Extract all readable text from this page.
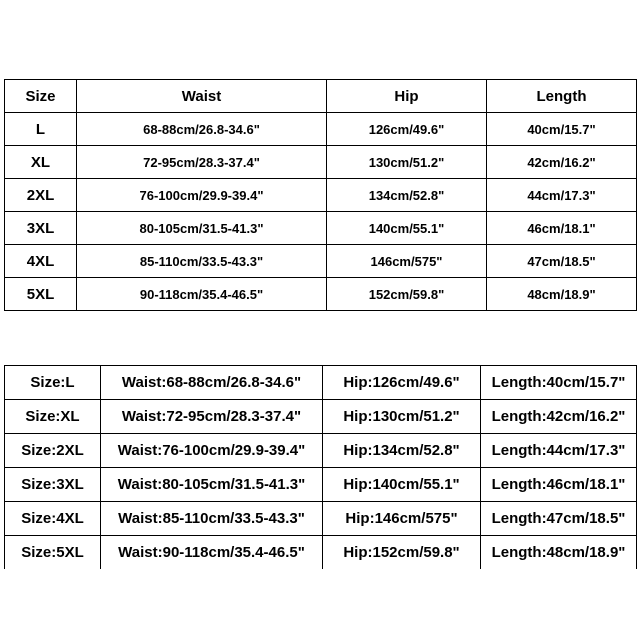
Size	Waist	Hip	Length
L	68-88cm/26.8-34.6"	126cm/49.6"	40cm/15.7"
XL	72-95cm/28.3-37.4"	130cm/51.2"	42cm/16.2"
2XL	76-100cm/29.9-39.4"	134cm/52.8"	44cm/17.3"
3XL	80-105cm/31.5-41.3"	140cm/55.1"	46cm/18.1"
4XL	85-110cm/33.5-43.3"	146cm/575"	47cm/18.5"
5XL	90-118cm/35.4-46.5"	152cm/59.8"	48cm/18.9"
Size:L	Waist:68-88cm/26.8-34.6"	Hip:126cm/49.6"	Length:40cm/15.7"
Size:XL	Waist:72-95cm/28.3-37.4"	Hip:130cm/51.2"	Length:42cm/16.2"
Size:2XL	Waist:76-100cm/29.9-39.4"	Hip:134cm/52.8"	Length:44cm/17.3"
Size:3XL	Waist:80-105cm/31.5-41.3"	Hip:140cm/55.1"	Length:46cm/18.1"
Size:4XL	Waist:85-110cm/33.5-43.3"	Hip:146cm/575"	Length:47cm/18.5"
Size:5XL	Waist:90-118cm/35.4-46.5"	Hip:152cm/59.8"	Length:48cm/18.9"
